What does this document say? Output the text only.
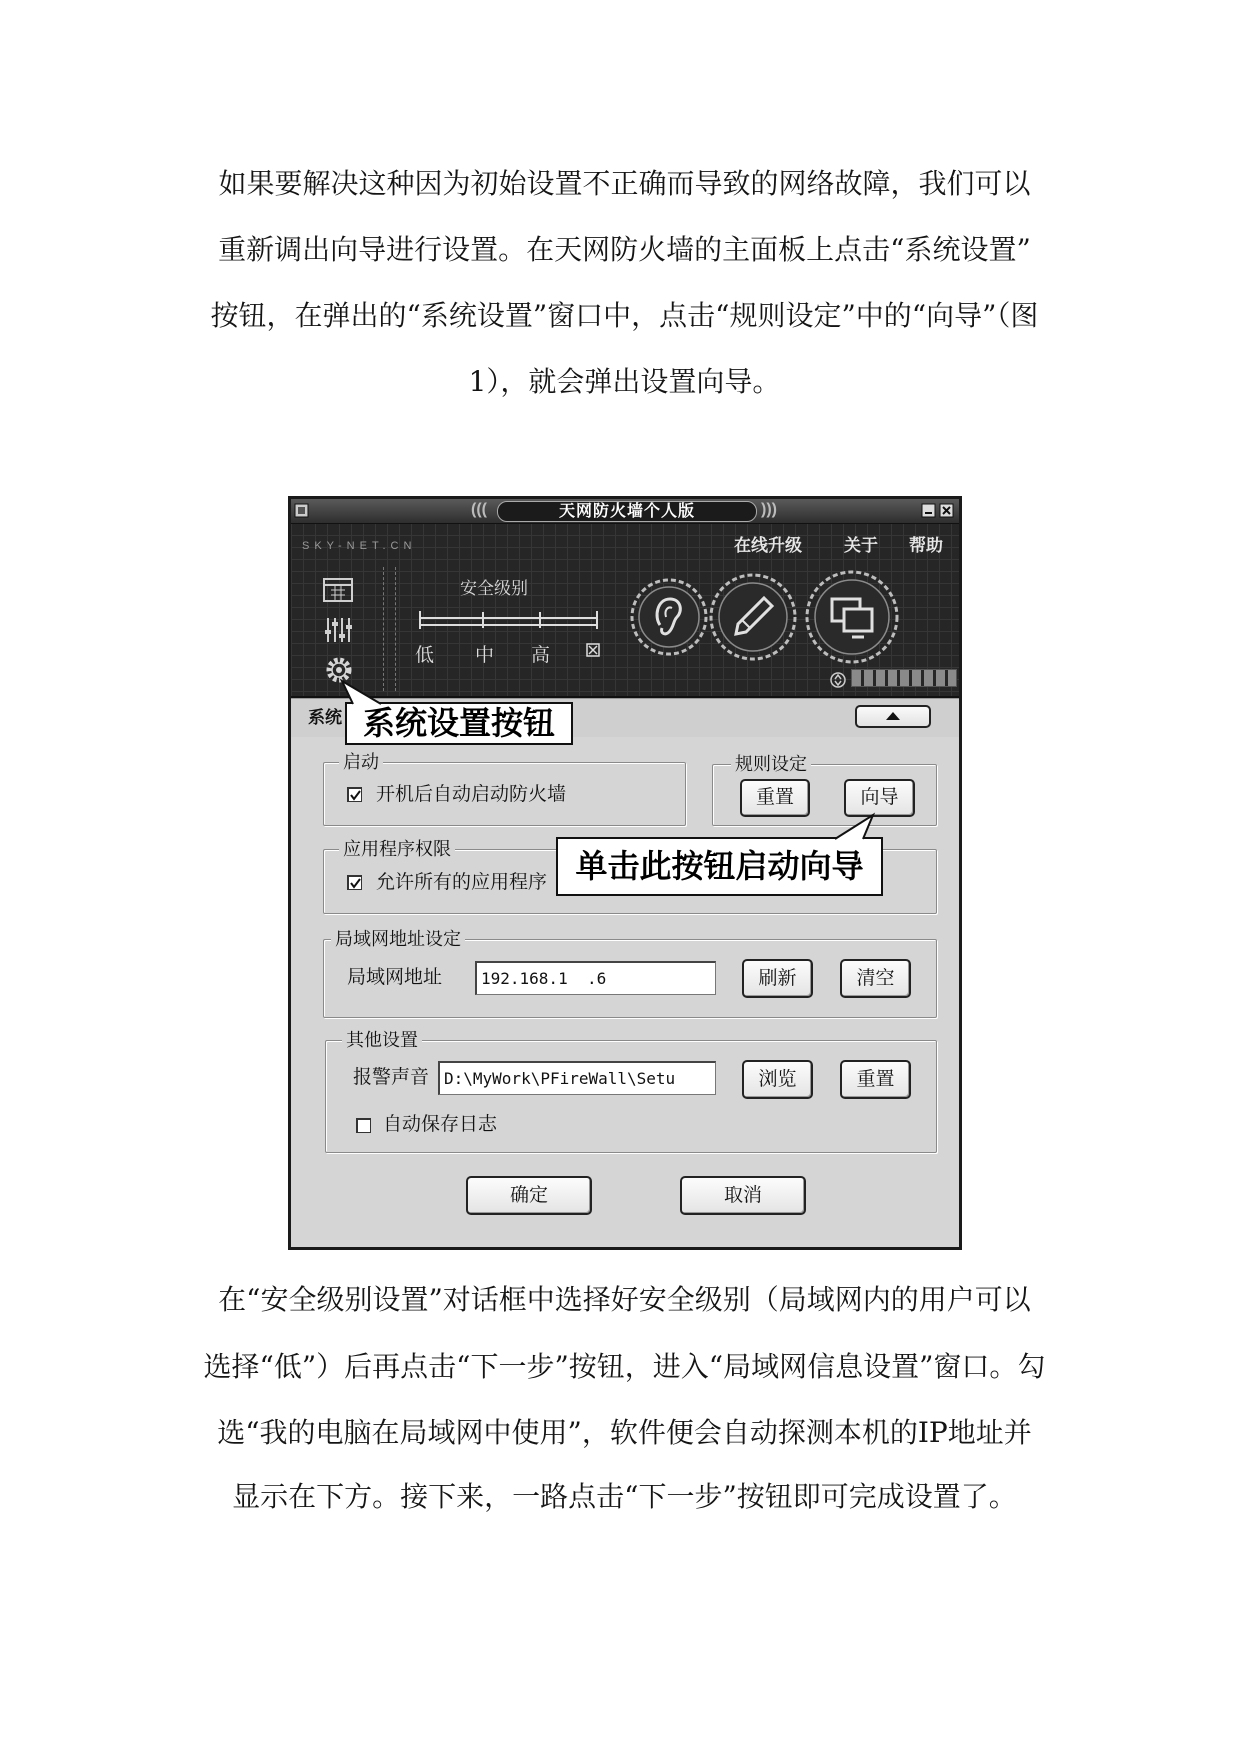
如果要解决这种因为初始设置不正确而导致的网络故障，我们可以
重新调出向导进行设置。在天网防火墙的主面板上点击“系统设置”
按钮，在弹出的“系统设置”窗口中，点击“规则设定”中的“向导”（图
1），就会弹出设置向导。
(((	天网防火墙个人版	)))
SKY-NET.CN	在线升级 关于 帮助
安全级别
低 中 高
系统
启动
开机后自动启动防火墙
规则设定
重置	向导
应用程序权限
允许所有的应用程序
局域网地址设定
局域网地址
192.168.1 .6	刷新	清空
其他设置
报警声音
D:\MyWork\PFireWall\Setu	浏览	重置
自动保存日志
确定	取消
系统设置按钮
单击此按钮启动向导
在“安全级别设置”对话框中选择好安全级别（局域网内的用户可以
选择“低”）后再点击“下一步”按钮，进入“局域网信息设置”窗口。勾
选“我的电脑在局域网中使用”，软件便会自动探测本机的IP地址并
显示在下方。接下来，一路点击“下一步”按钮即可完成设置了。
